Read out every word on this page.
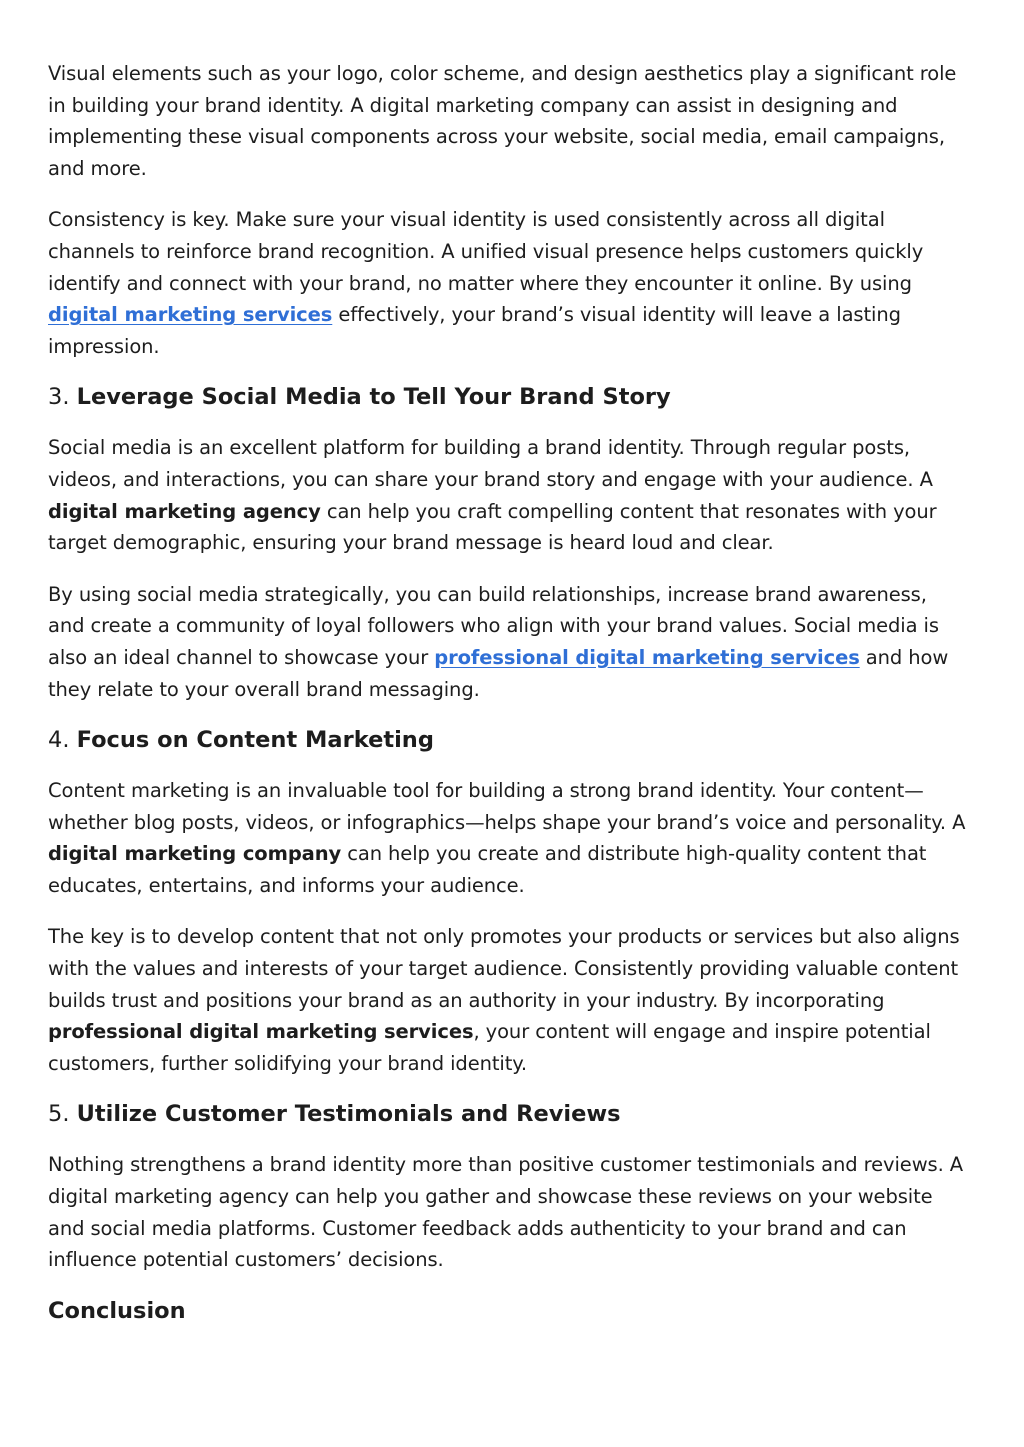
Visual elements such as your logo, color scheme, and design aesthetics play a significant role in building your brand identity. A digital marketing company can assist in designing and implementing these visual components across your website, social media, email campaigns, and more.

Consistency is key. Make sure your visual identity is used consistently across all digital channels to reinforce brand recognition. A unified visual presence helps customers quickly identify and connect with your brand, no matter where they encounter it online. By using digital marketing services effectively, your brand’s visual identity will leave a lasting impression.

3. Leverage Social Media to Tell Your Brand Story

Social media is an excellent platform for building a brand identity. Through regular posts, videos, and interactions, you can share your brand story and engage with your audience. A digital marketing agency can help you craft compelling content that resonates with your target demographic, ensuring your brand message is heard loud and clear.

By using social media strategically, you can build relationships, increase brand awareness, and create a community of loyal followers who align with your brand values. Social media is also an ideal channel to showcase your professional digital marketing services and how they relate to your overall brand messaging.

4. Focus on Content Marketing

Content marketing is an invaluable tool for building a strong brand identity. Your content—whether blog posts, videos, or infographics—helps shape your brand’s voice and personality. A digital marketing company can help you create and distribute high-quality content that educates, entertains, and informs your audience.

The key is to develop content that not only promotes your products or services but also aligns with the values and interests of your target audience. Consistently providing valuable content builds trust and positions your brand as an authority in your industry. By incorporating professional digital marketing services, your content will engage and inspire potential customers, further solidifying your brand identity.

5. Utilize Customer Testimonials and Reviews

Nothing strengthens a brand identity more than positive customer testimonials and reviews. A digital marketing agency can help you gather and showcase these reviews on your website and social media platforms. Customer feedback adds authenticity to your brand and can influence potential customers’ decisions.

Conclusion
